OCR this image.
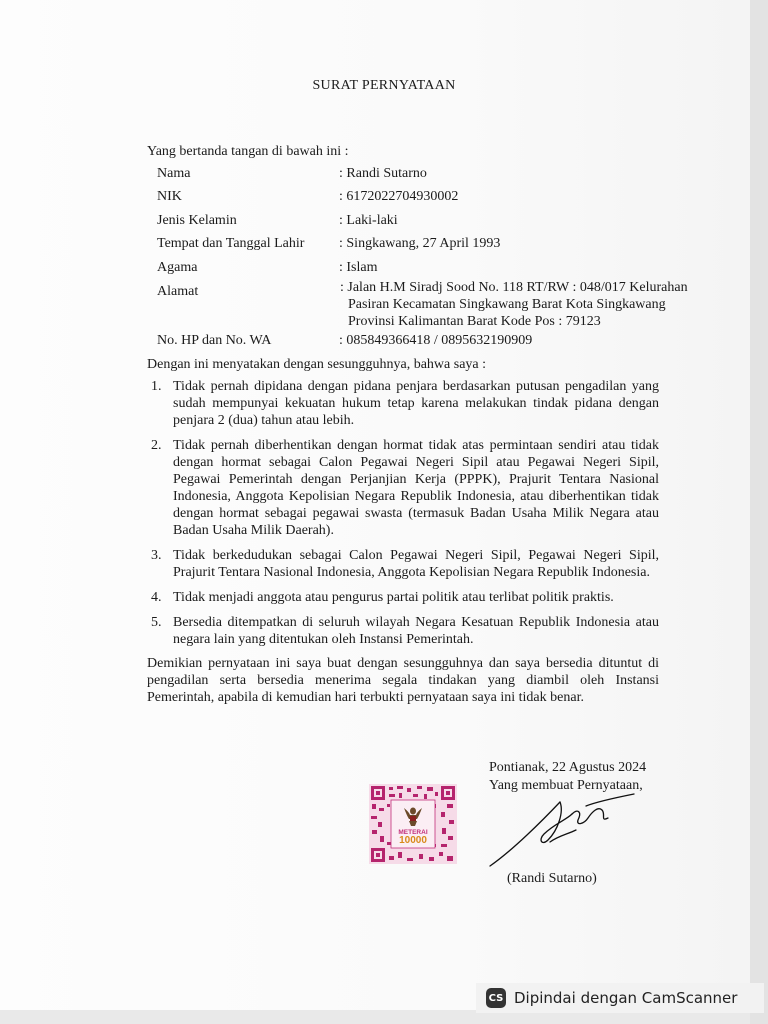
SURAT PERNYATAAN
Yang bertanda tangan di bawah ini :
Nama	: Randi Sutarno
NIK	: 6172022704930002
Jenis Kelamin	: Laki-laki
Tempat dan Tanggal Lahir : Singkawang, 27 April 1993
Agama	: Islam
Alamat	: Jalan H.M Siradj Sood No. 118 RT/RW : 048/017 Kelurahan
Pasiran Kecamatan Singkawang Barat Kota Singkawang
Provinsi Kalimantan Barat Kode Pos : 79123
No. HP dan No. WA	: 085849366418 / 0895632190909
Dengan ini menyatakan dengan sesungguhnya, bahwa saya :
1. Tidak pernah dipidana dengan pidana penjara berdasarkan putusan pengadilan yang sudah mempunyai kekuatan hukum tetap karena melakukan tindak pidana dengan penjara 2 (dua) tahun atau lebih.
2. Tidak pernah diberhentikan dengan hormat tidak atas permintaan sendiri atau tidak dengan hormat sebagai Calon Pegawai Negeri Sipil atau Pegawai Negeri Sipil, Pegawai Pemerintah dengan Perjanjian Kerja (PPPK), Prajurit Tentara Nasional Indonesia, Anggota Kepolisian Negara Republik Indonesia, atau diberhentikan tidak dengan hormat sebagai pegawai swasta (termasuk Badan Usaha Milik Negara atau Badan Usaha Milik Daerah).
3. Tidak berkedudukan sebagai Calon Pegawai Negeri Sipil, Pegawai Negeri Sipil, Prajurit Tentara Nasional Indonesia, Anggota Kepolisian Negara Republik Indonesia.
4. Tidak menjadi anggota atau pengurus partai politik atau terlibat politik praktis.
5. Bersedia ditempatkan di seluruh wilayah Negara Kesatuan Republik Indonesia atau negara lain yang ditentukan oleh Instansi Pemerintah.
Demikian pernyataan ini saya buat dengan sesungguhnya dan saya bersedia dituntut di pengadilan serta bersedia menerima segala tindakan yang diambil oleh Instansi Pemerintah, apabila di kemudian hari terbukti pernyataan saya ini tidak benar.
Pontianak, 22 Agustus 2024
Yang membuat Pernyataan,
METERAI
10000
(Randi Sutarno)
CS Dipindai dengan CamScanner
